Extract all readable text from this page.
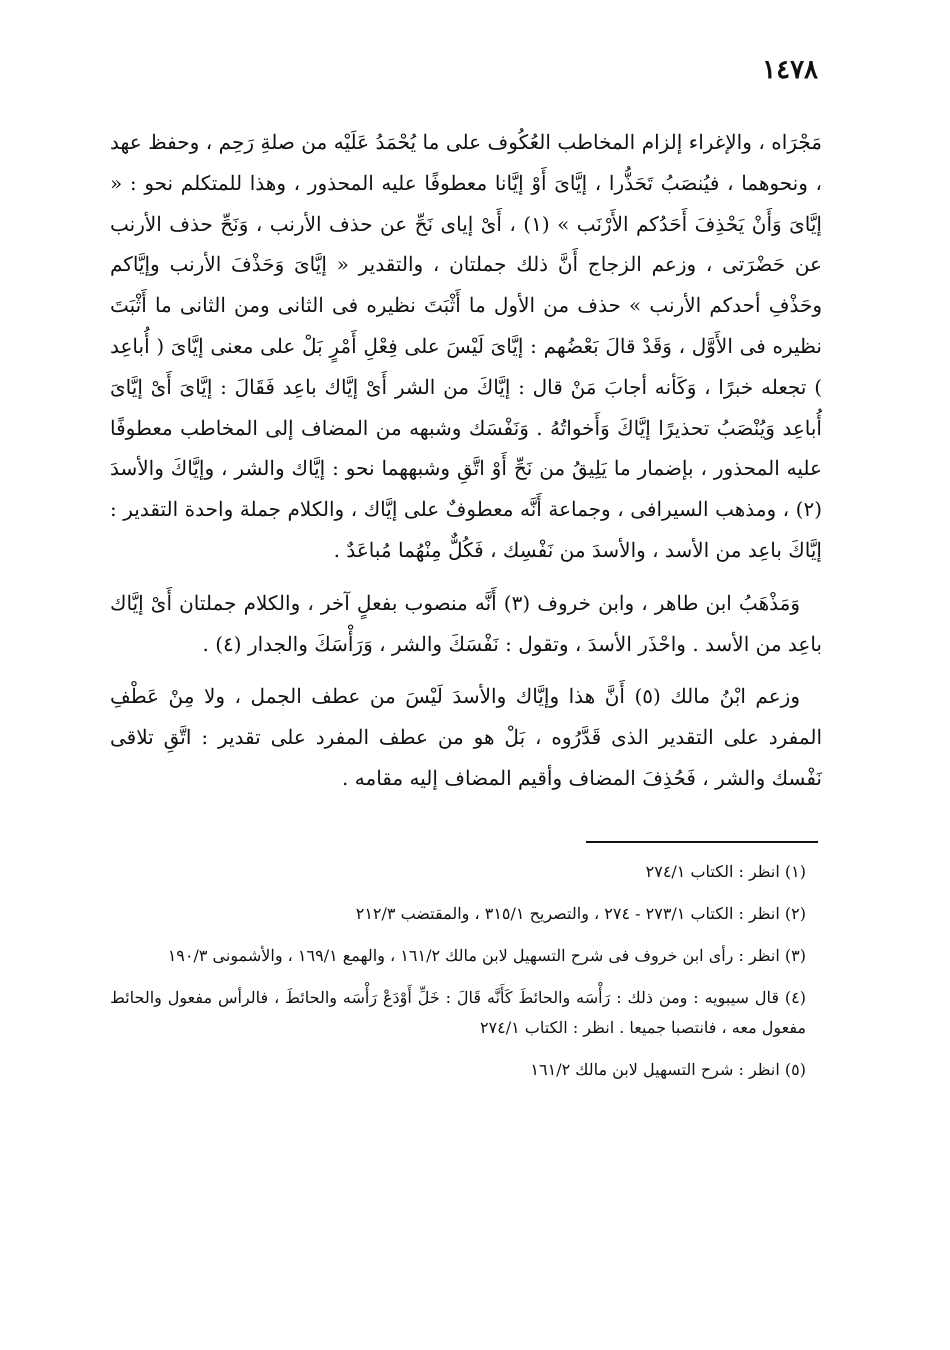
١٤٧٨

مَجْرَاه ، والإغراء إلزام المخاطب العُكُوف على ما يُحْمَدُ عَلَيْه من صلةِ رَحِم ، وحفظ عهد ، ونحوهما ، فيُنصَبُ تَحَذُّرا ، إيَّاىَ أَوْ إيَّانا معطوفًا عليه المحذور ، وهذا للمتكلم نحو : « إيَّاىَ وَأَنْ يَحْذِفَ أَحَدُكم الأَرْنَب » (١) ، أَىْ إياى نَحِّ عن حذف الأرنب ، وَنَحِّ حذف الأرنب عن حَضْرَتى ، وزعم الزجاج أَنَّ ذلك جملتان ، والتقدير « إيَّاىَ وَحَذْفَ الأرنب وإيَّاكم وحَذْفِ أحدكم الأرنب » حذف من الأول ما أَثْبَتَ نظيره فى الثانى ومن الثانى ما أَثْبَتَ نظيره فى الأَوَّل ، وَقَدْ قالَ بَعْضُهم : إيَّاىَ لَيْسَ على فِعْلِ أَمْرٍ بَلْ على معنى إيَّاىَ ( أُباعِد ) تجعله خبرًا ، وَكَأنه أجابَ مَنْ قال : إيَّاكَ من الشر أَىْ إيَّاك باعِد فَقَالَ : إيَّاىَ أَىْ إيَّاىَ أُباعِد وَيُنْصَبُ تحذيرًا إيَّاكَ وَأَخواتُهُ . وَنَفْسَك وشبهه من المضاف إلى المخاطب معطوفًا عليه المحذور ، بإضمار ما يَلِيقُ من نَحِّ أَوْ اتَّقِ وشبههما نحو : إيَّاك والشر ، وإيَّاكَ والأسدَ (٢) ، ومذهب السيرافى ، وجماعة أَنَّه معطوفٌ على إيَّاك ، والكلام جملة واحدة التقدير : إيَّاكَ باعِد من الأسد ، والأسدَ من نَفْسِك ، فَكُلٌّ مِنْهُما مُباعَدٌ .

وَمَذْهَبُ ابن طاهر ، وابن خروف (٣) أَنَّه منصوب بفعلٍ آخر ، والكلام جملتان أَىْ إيَّاك باعِد من الأسد . واحْذَر الأسدَ ، وتقول : نَفْسَكَ والشر ، وَرَأْسَكَ والجدار (٤) .

وزعم ابْنُ مالك (٥) أَنَّ هذا وإيَّاك والأسدَ لَيْسَ من عطف الجمل ، ولا مِنْ عَطْفِ المفرد على التقدير الذى قَدَّرُوه ، بَلْ هو من عطف المفرد على تقدير : اتَّقِ تلاقى نَفْسك والشر ، فَحُذِفَ المضاف وأقيم المضاف إليه مقامه .

(١) انظر : الكتاب ٢٧٤/١

(٢) انظر : الكتاب ٢٧٣/١ - ٢٧٤ ، والتصريح ٣١٥/١ ، والمقتضب ٢١٢/٣

(٣) انظر : رأى ابن خروف فى شرح التسهيل لابن مالك ١٦١/٢ ، والهمع ١٦٩/١ ، والأشمونى ١٩٠/٣

(٤) قال سيبويه : ومن ذلك : رَأْسَه والحائطَ كَأَنَّه قَالَ : خَلِّ أَوْدَعْ رَأْسَه والحائطَ ، فالرأس مفعول والحائط مفعول معه ، فانتصبا جميعا . انظر : الكتاب ٢٧٤/١

(٥) انظر : شرح التسهيل لابن مالك ١٦١/٢
